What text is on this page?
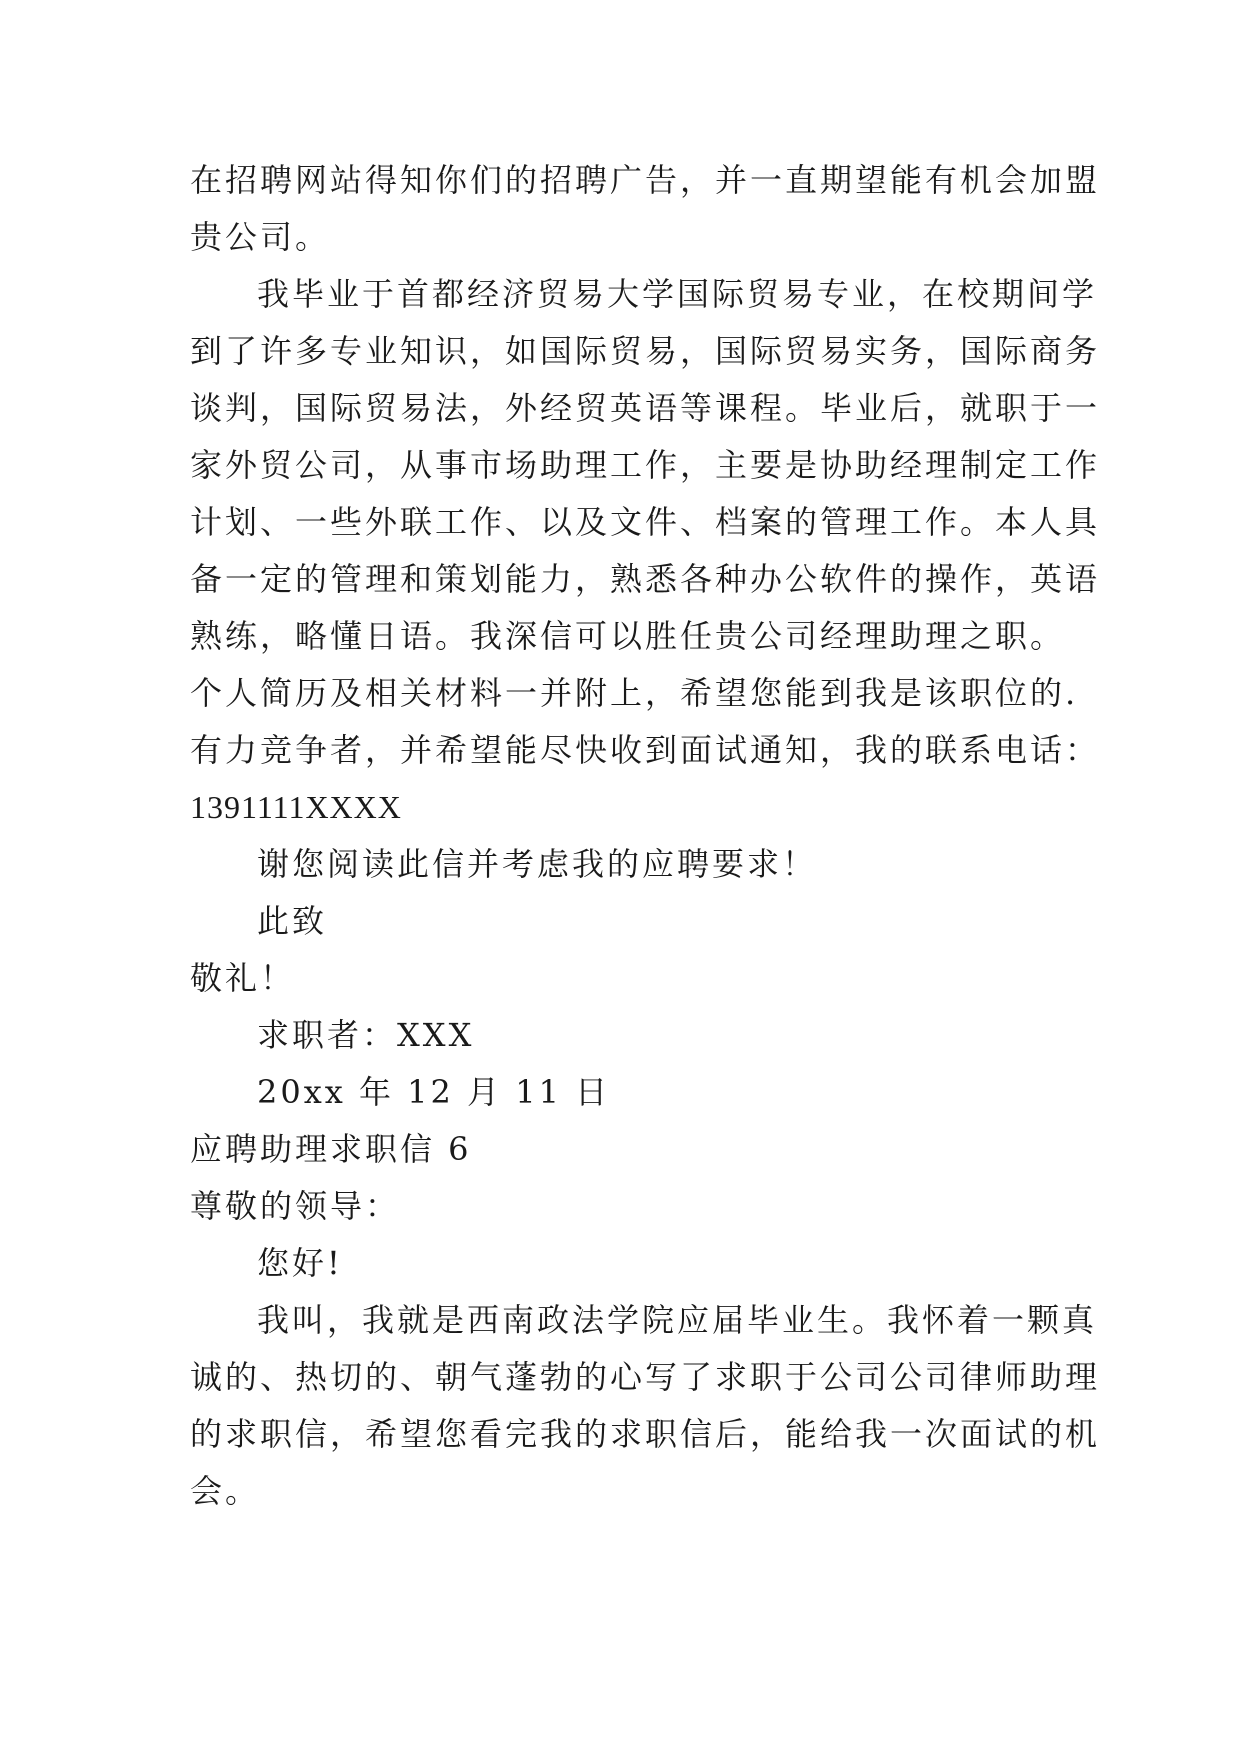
在招聘网站得知你们的招聘广告，并一直期望能有机会加盟
贵公司。
我毕业于首都经济贸易大学国际贸易专业，在校期间学
到了许多专业知识，如国际贸易，国际贸易实务，国际商务
谈判，国际贸易法，外经贸英语等课程。毕业后，就职于一
家外贸公司，从事市场助理工作，主要是协助经理制定工作
计划、一些外联工作、以及文件、档案的管理工作。本人具
备一定的管理和策划能力，熟悉各种办公软件的操作，英语
熟练，略懂日语。我深信可以胜任贵公司经理助理之职。
个人简历及相关材料一并附上，希望您能到我是该职位的.
有力竞争者，并希望能尽快收到面试通知，我的联系电话：
1391111XXXX
谢您阅读此信并考虑我的应聘要求！
此致
敬礼！
求职者：XXX
20xx 年 12 月 11 日
应聘助理求职信 6
尊敬的领导：
您好!
我叫，我就是西南政法学院应届毕业生。我怀着一颗真
诚的、热切的、朝气蓬勃的心写了求职于公司公司律师助理
的求职信，希望您看完我的求职信后，能给我一次面试的机
会。
